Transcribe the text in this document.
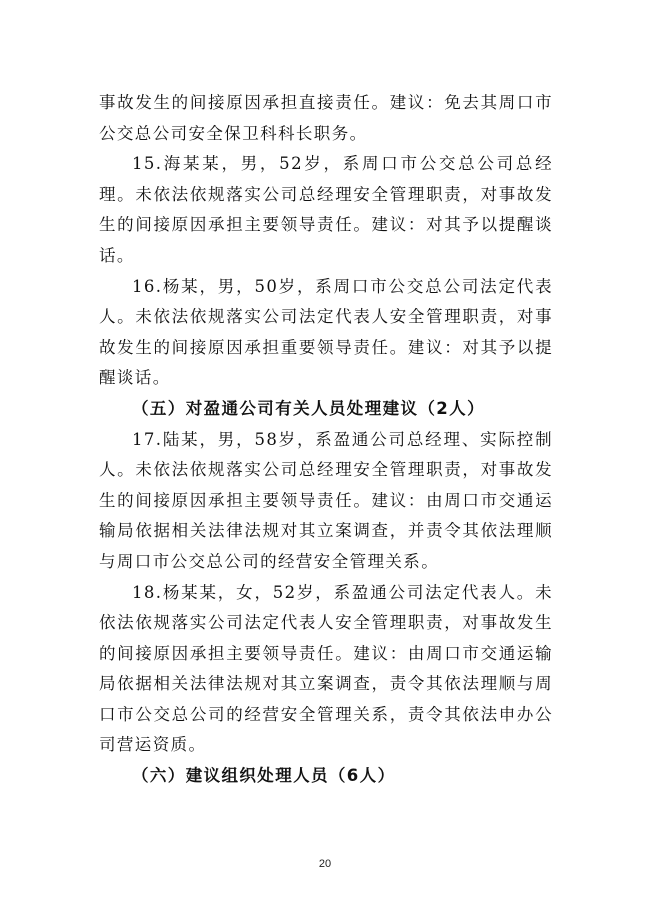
事故发生的间接原因承担直接责任。建议：免去其周口市公交总公司安全保卫科科长职务。

15.海某某，男，52岁，系周口市公交总公司总经理。未依法依规落实公司总经理安全管理职责，对事故发生的间接原因承担主要领导责任。建议：对其予以提醒谈话。

16.杨某，男，50岁，系周口市公交总公司法定代表人。未依法依规落实公司法定代表人安全管理职责，对事故发生的间接原因承担重要领导责任。建议：对其予以提醒谈话。

（五）对盈通公司有关人员处理建议（2人）

17.陆某，男，58岁，系盈通公司总经理、实际控制人。未依法依规落实公司总经理安全管理职责，对事故发生的间接原因承担主要领导责任。建议：由周口市交通运输局依据相关法律法规对其立案调查，并责令其依法理顺与周口市公交总公司的经营安全管理关系。

18.杨某某，女，52岁，系盈通公司法定代表人。未依法依规落实公司法定代表人安全管理职责，对事故发生的间接原因承担主要领导责任。建议：由周口市交通运输局依据相关法律法规对其立案调查，责令其依法理顺与周口市公交总公司的经营安全管理关系，责令其依法申办公司营运资质。

（六）建议组织处理人员（6人）

20
